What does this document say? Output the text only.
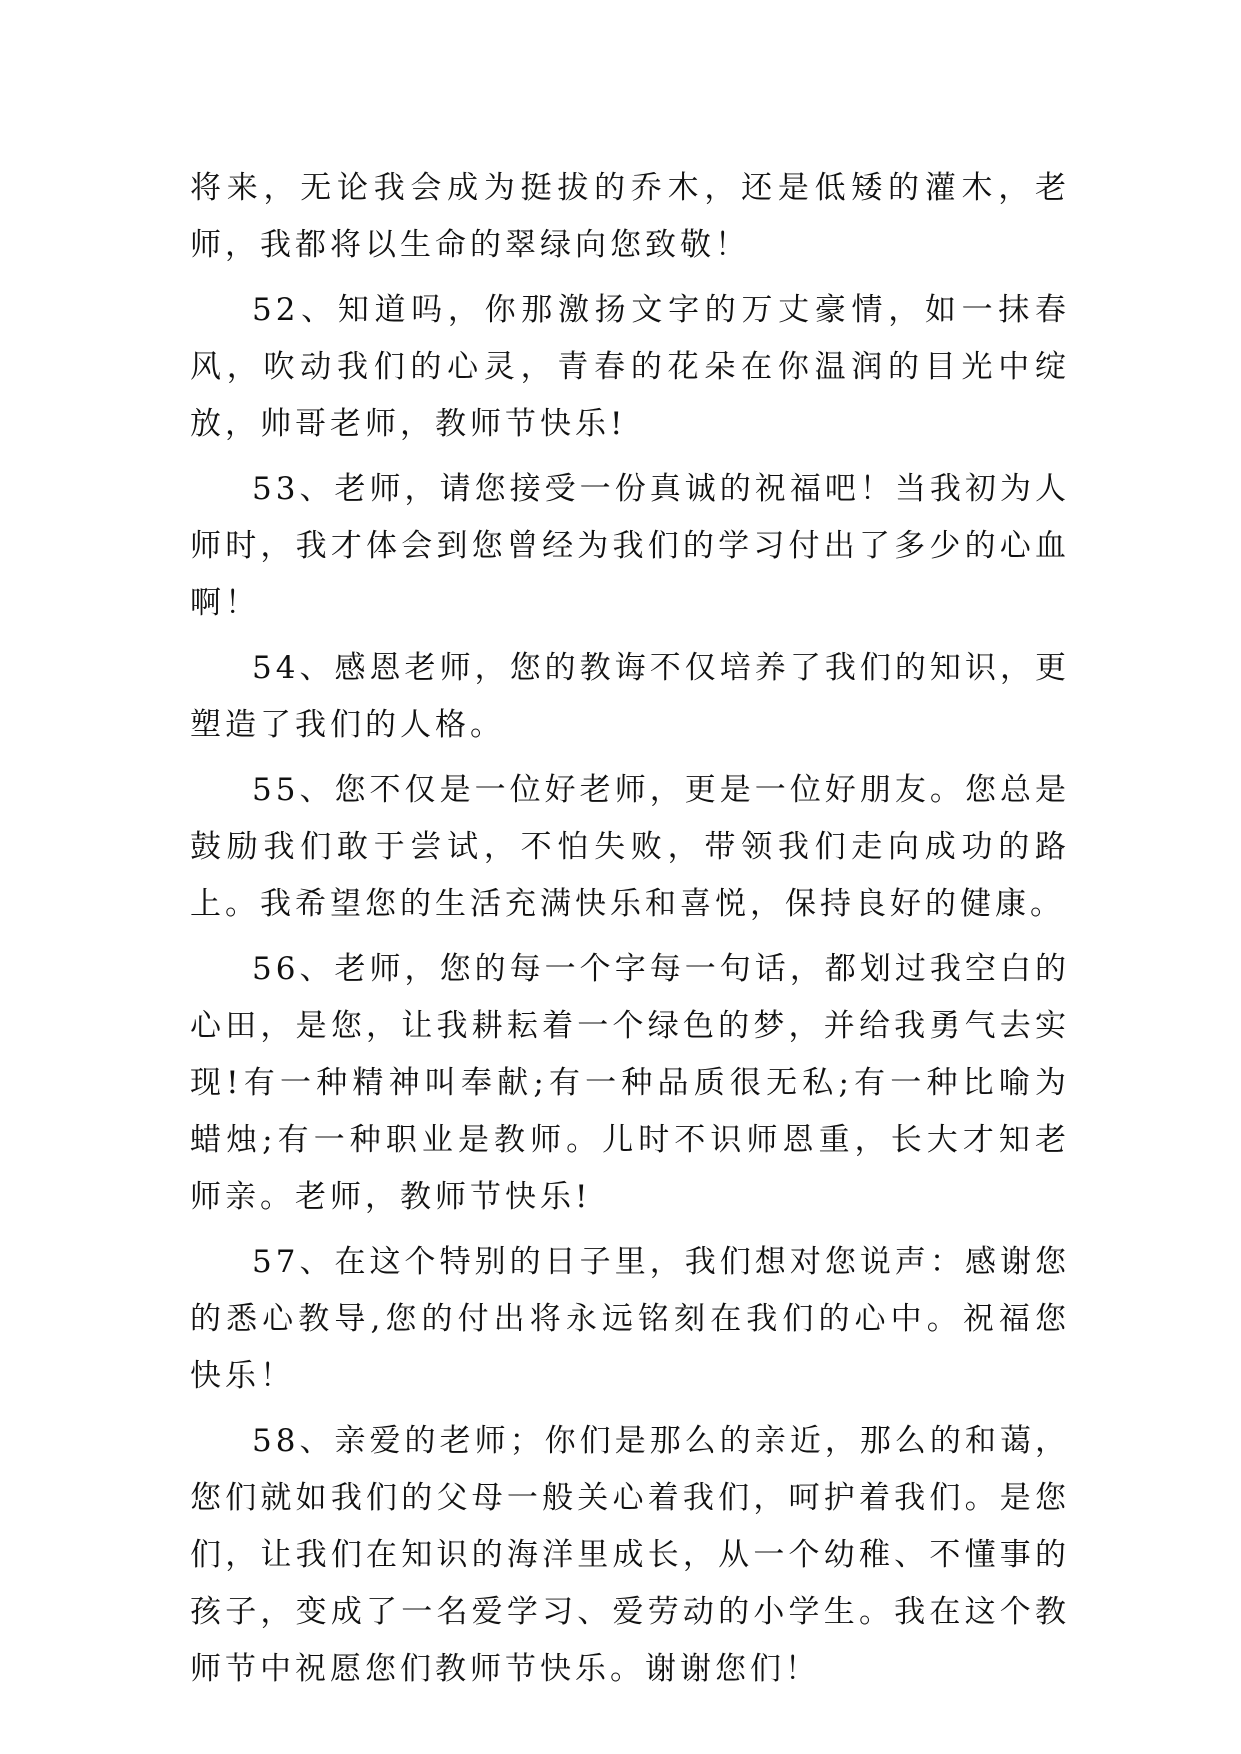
将来，无论我会成为挺拔的乔木，还是低矮的灌木，老师，我都将以生命的翠绿向您致敬！

52、知道吗，你那激扬文字的万丈豪情，如一抹春风，吹动我们的心灵，青春的花朵在你温润的目光中绽放，帅哥老师，教师节快乐!

53、老师，请您接受一份真诚的祝福吧！当我初为人师时，我才体会到您曾经为我们的学习付出了多少的心血啊！

54、感恩老师，您的教诲不仅培养了我们的知识，更塑造了我们的人格。

55、您不仅是一位好老师，更是一位好朋友。您总是鼓励我们敢于尝试，不怕失败，带领我们走向成功的路上。我希望您的生活充满快乐和喜悦，保持良好的健康。

56、老师，您的每一个字每一句话，都划过我空白的心田，是您，让我耕耘着一个绿色的梦，并给我勇气去实现!有一种精神叫奉献;有一种品质很无私;有一种比喻为蜡烛;有一种职业是教师。儿时不识师恩重，长大才知老师亲。老师，教师节快乐!

57、在这个特别的日子里，我们想对您说声：感谢您的悉心教导,您的付出将永远铭刻在我们的心中。祝福您快乐！

58、亲爱的老师；你们是那么的亲近，那么的和蔼，您们就如我们的父母一般关心着我们，呵护着我们。是您们，让我们在知识的海洋里成长，从一个幼稚、不懂事的孩子，变成了一名爱学习、爱劳动的小学生。我在这个教师节中祝愿您们教师节快乐。谢谢您们！
